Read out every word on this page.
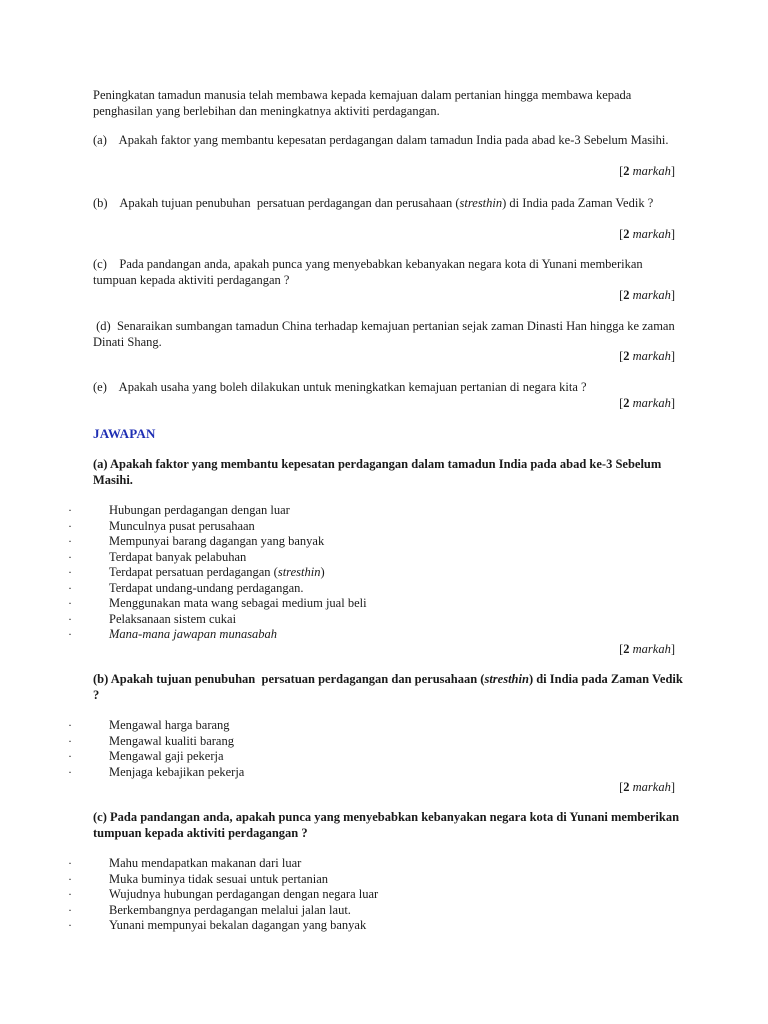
Peningkatan tamadun manusia telah membawa kepada kemajuan dalam pertanian hingga membawa kepada penghasilan yang berlebihan dan meningkatnya aktiviti perdagangan.

(a)    Apakah faktor yang membantu kepesatan perdagangan dalam tamadun India pada abad ke-3 Sebelum Masihi.

[2 markah]

(b)    Apakah tujuan penubuhan  persatuan perdagangan dan perusahaan (stresthin) di India pada Zaman Vedik ?

[2 markah]

(c)    Pada pandangan anda, apakah punca yang menyebabkan kebanyakan negara kota di Yunani memberikan tumpuan kepada aktiviti perdagangan ?

[2 markah]

(d)  Senaraikan sumbangan tamadun China terhadap kemajuan pertanian sejak zaman Dinasti Han hingga ke zaman Dinati Shang.

[2 markah]

(e)    Apakah usaha yang boleh dilakukan untuk meningkatkan kemajuan pertanian di negara kita ?

[2 markah]
JAWAPAN
(a) Apakah faktor yang membantu kepesatan perdagangan dalam tamadun India pada abad ke-3 Sebelum Masihi.
·	Hubungan perdagangan dengan luar
·	Munculnya pusat perusahaan
·	Mempunyai barang dagangan yang banyak
·	Terdapat banyak pelabuhan
·	Terdapat persatuan perdagangan (stresthin)
·	Terdapat undang-undang perdagangan.
·	Menggunakan mata wang sebagai medium jual beli
·	Pelaksanaan sistem cukai
·	Mana-mana jawapan munasabah
[2 markah]
(b) Apakah tujuan penubuhan  persatuan perdagangan dan perusahaan (stresthin) di India pada Zaman Vedik ?
·	Mengawal harga barang
·	Mengawal kualiti barang
·	Mengawal gaji pekerja
·	Menjaga kebajikan pekerja
[2 markah]
(c) Pada pandangan anda, apakah punca yang menyebabkan kebanyakan negara kota di Yunani memberikan tumpuan kepada aktiviti perdagangan ?
·	Mahu mendapatkan makanan dari luar
·	Muka buminya tidak sesuai untuk pertanian
·	Wujudnya hubungan perdagangan dengan negara luar
·	Berkembangnya perdagangan melalui jalan laut.
·	Yunani mempunyai bekalan dagangan yang banyak
